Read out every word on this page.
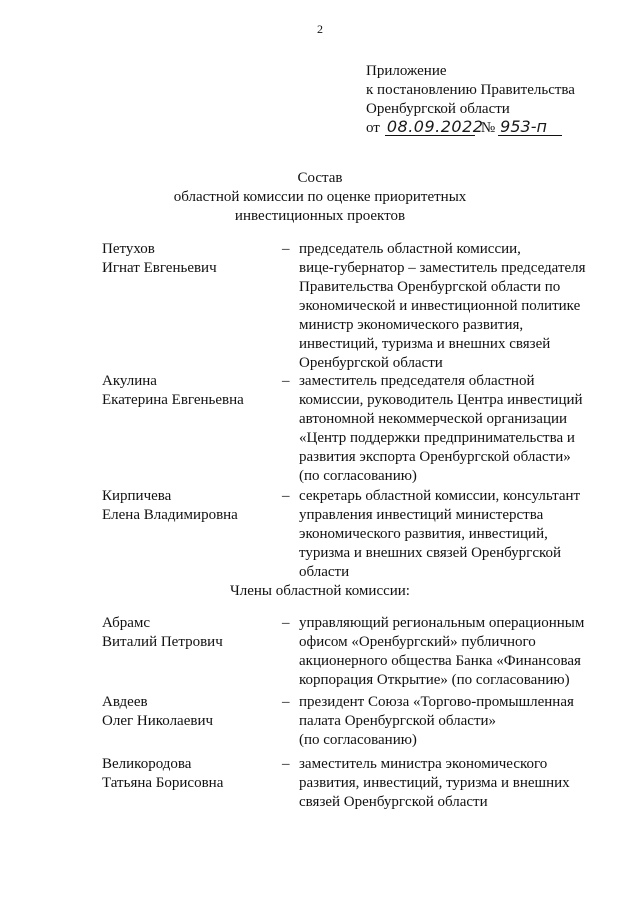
2
Приложение
к постановлению Правительства
Оренбургской области
от 08.09.2022
№ 953-п
Состав
областной комиссии по оценке приоритетных
инвестиционных проектов
Петухов
Игнат Евгеньевич
– председатель областной комиссии,
вице-губернатор – заместитель председателя
Правительства Оренбургской области по
экономической и инвестиционной политике
министр экономического развития,
инвестиций, туризма и внешних связей
Оренбургской области
Акулина
Екатерина Евгеньевна
– заместитель председателя областной
комиссии, руководитель Центра инвестиций
автономной некоммерческой организации
«Центр поддержки предпринимательства и
развития экспорта Оренбургской области»
(по согласованию)
Кирпичева
Елена Владимировна
– секретарь областной комиссии, консультант
управления инвестиций министерства
экономического развития, инвестиций,
туризма и внешних связей Оренбургской
области
Члены областной комиссии:
Абрамс
Виталий Петрович
– управляющий региональным операционным
офисом «Оренбургский» публичного
акционерного общества Банка «Финансовая
корпорация Открытие» (по согласованию)
Авдеев
Олег Николаевич
– президент Союза «Торгово-промышленная
палата Оренбургской области»
(по согласованию)
Великородова
Татьяна Борисовна
– заместитель министра экономического
развития, инвестиций, туризма и внешних
связей Оренбургской области
